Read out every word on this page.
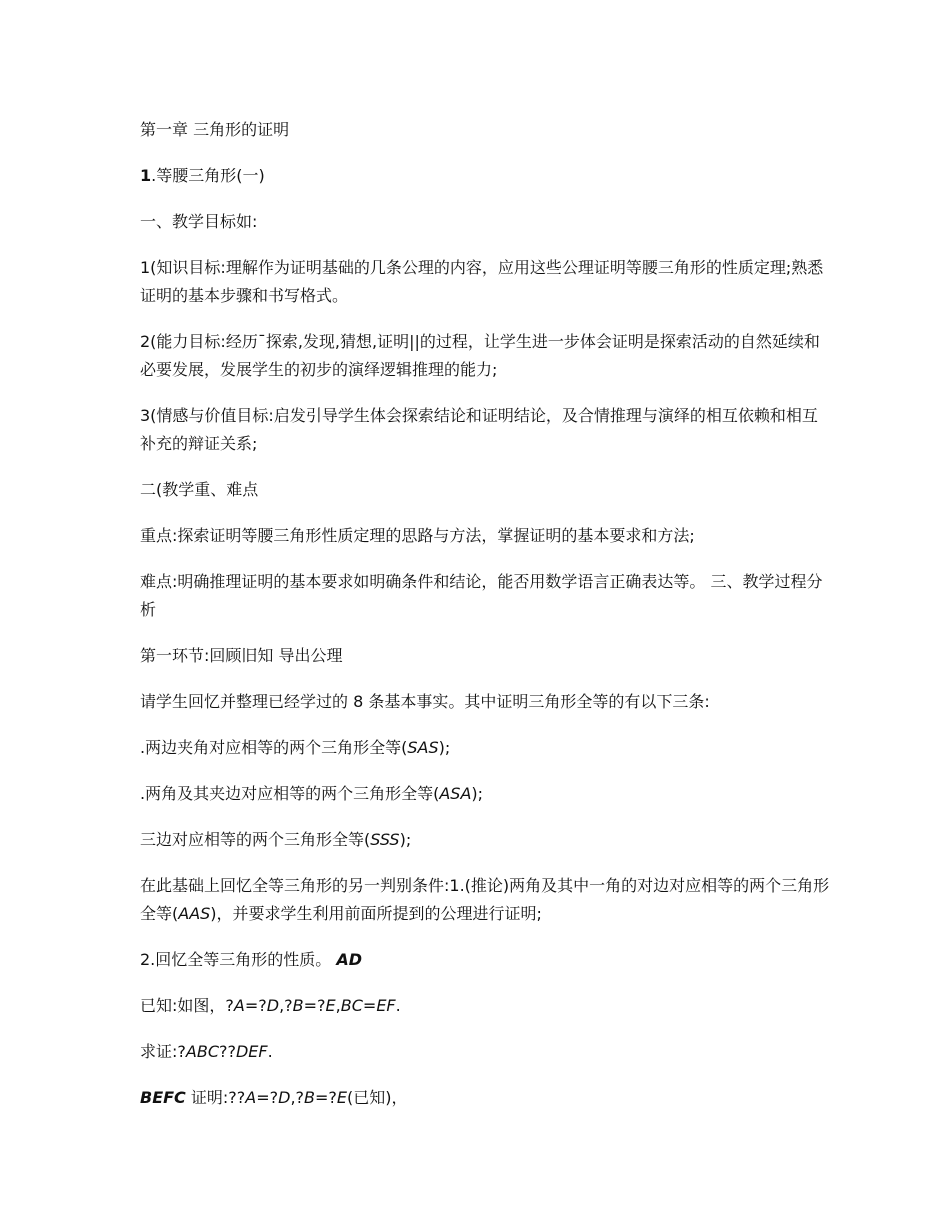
第一章 三角形的证明

1.等腰三角形(一)

一、教学目标如:

1(知识目标:理解作为证明基础的几条公理的内容，应用这些公理证明等腰三角形的性质定理;熟悉证明的基本步骤和书写格式。

2(能力目标:经历¯探索,发现,猜想,证明||的过程，让学生进一步体会证明是探索活动的自然延续和必要发展，发展学生的初步的演绎逻辑推理的能力;

3(情感与价值目标:启发引导学生体会探索结论和证明结论，及合情推理与演绎的相互依赖和相互补充的辩证关系;

二(教学重、难点

重点:探索证明等腰三角形性质定理的思路与方法，掌握证明的基本要求和方法;

难点:明确推理证明的基本要求如明确条件和结论，能否用数学语言正确表达等。 三、教学过程分析

第一环节:回顾旧知 导出公理

请学生回忆并整理已经学过的 8 条基本事实。其中证明三角形全等的有以下三条:

.两边夹角对应相等的两个三角形全等(SAS);

.两角及其夹边对应相等的两个三角形全等(ASA);

三边对应相等的两个三角形全等(SSS);

在此基础上回忆全等三角形的另一判别条件:1.(推论)两角及其中一角的对边对应相等的两个三角形全等(AAS)，并要求学生利用前面所提到的公理进行证明;

2.回忆全等三角形的性质。 AD

已知:如图，?A=?D,?B=?E,BC=EF.

求证:?ABC??DEF.

BEFC 证明:??A=?D,?B=?E(已知)，
